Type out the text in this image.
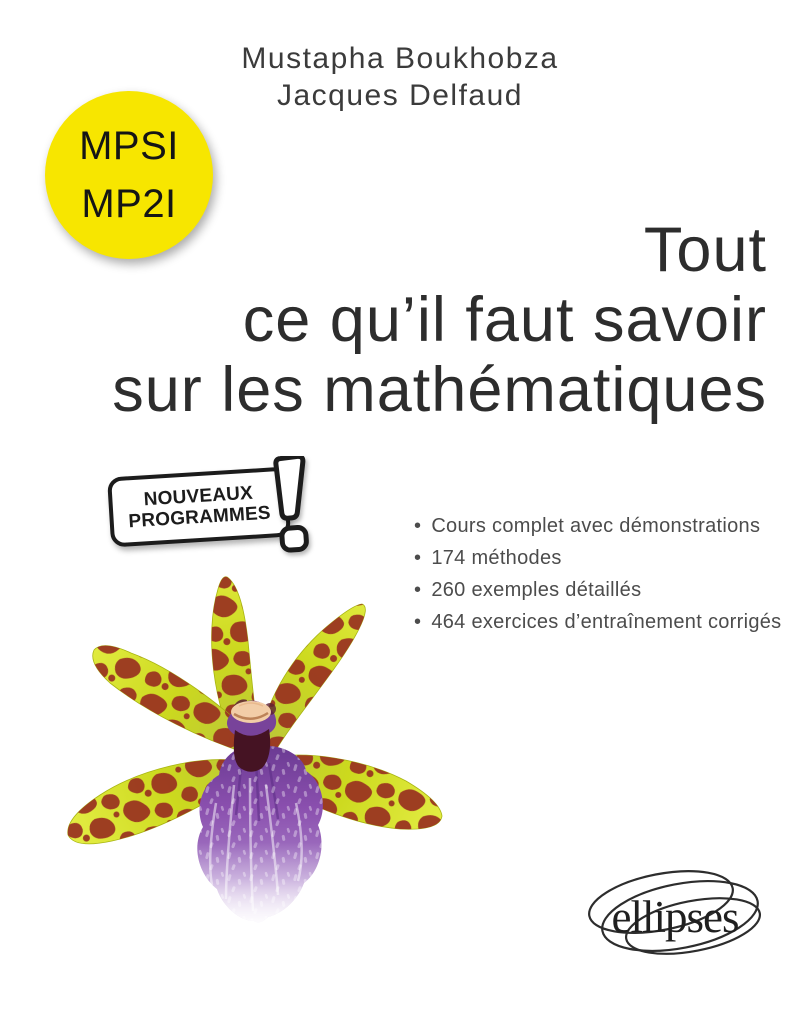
Mustapha Boukhobza
Jacques Delfaud
MPSI
MP2I
Tout
ce qu’il faut savoir
sur les mathématiques
NOUVEAUX
PROGRAMMES	• Cours complet avec démonstrations
• 174 méthodes
• 260 exemples détaillés
• 464 exercices d’entraînement corrigés
ellipses
